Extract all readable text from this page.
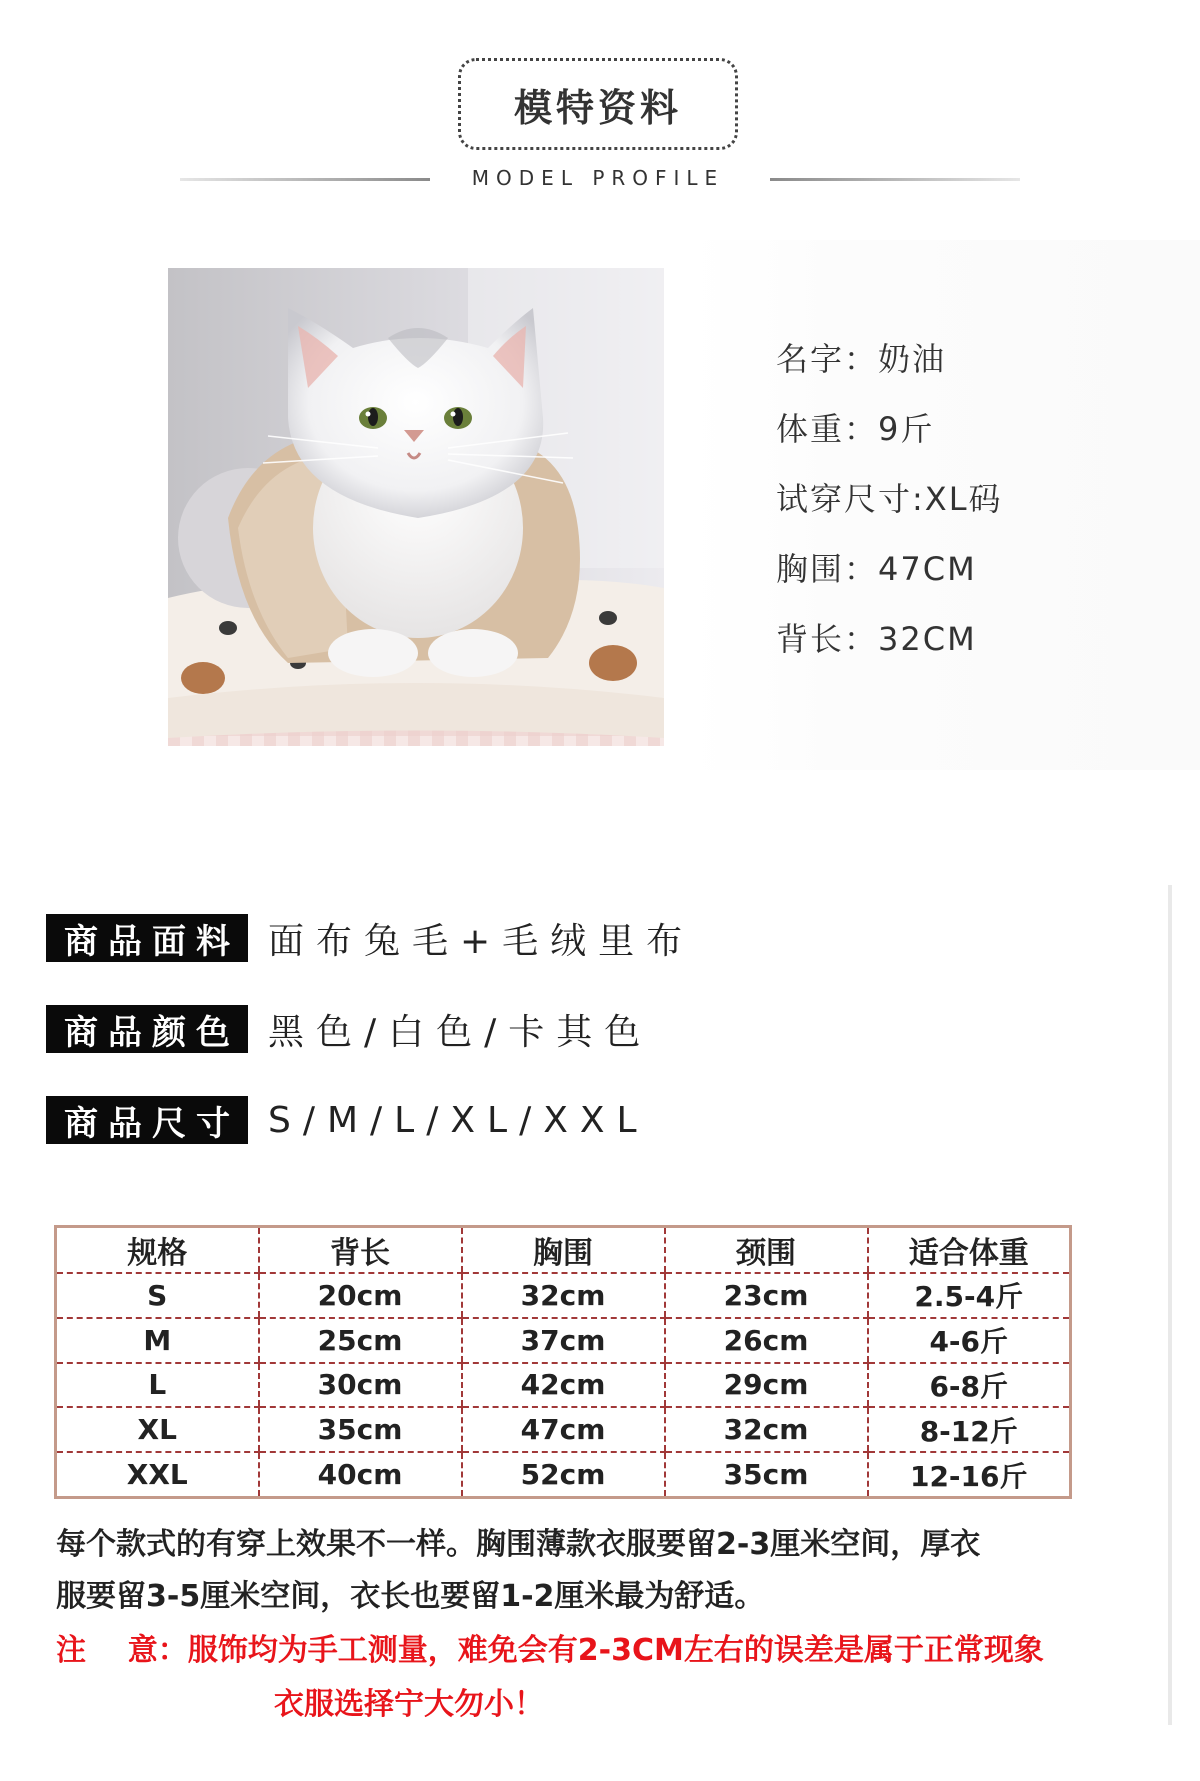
模特资料
MODEL PROFILE
名字：奶油
体重：9斤
试穿尺寸:XL码
胸围：47CM
背长：32CM
商品面料 面布兔毛+毛绒里布
商品颜色 黑色/白色/卡其色
商品尺寸 S/M/L/XL/XXL
规格	背长	胸围	颈围	适合体重
S	20cm	32cm	23cm	2.5-4斤
M	25cm	37cm	26cm	4-6斤
L	30cm	42cm	29cm	6-8斤
XL	35cm	47cm	32cm	8-12斤
XXL	40cm	52cm	35cm	12-16斤
每个款式的有穿上效果不一样。胸围薄款衣服要留2-3厘米空间，厚衣
服要留3-5厘米空间，衣长也要留1-2厘米最为舒适。
注    意：服饰均为手工测量，难免会有2-3CM左右的误差是属于正常现象
衣服选择宁大勿小！
